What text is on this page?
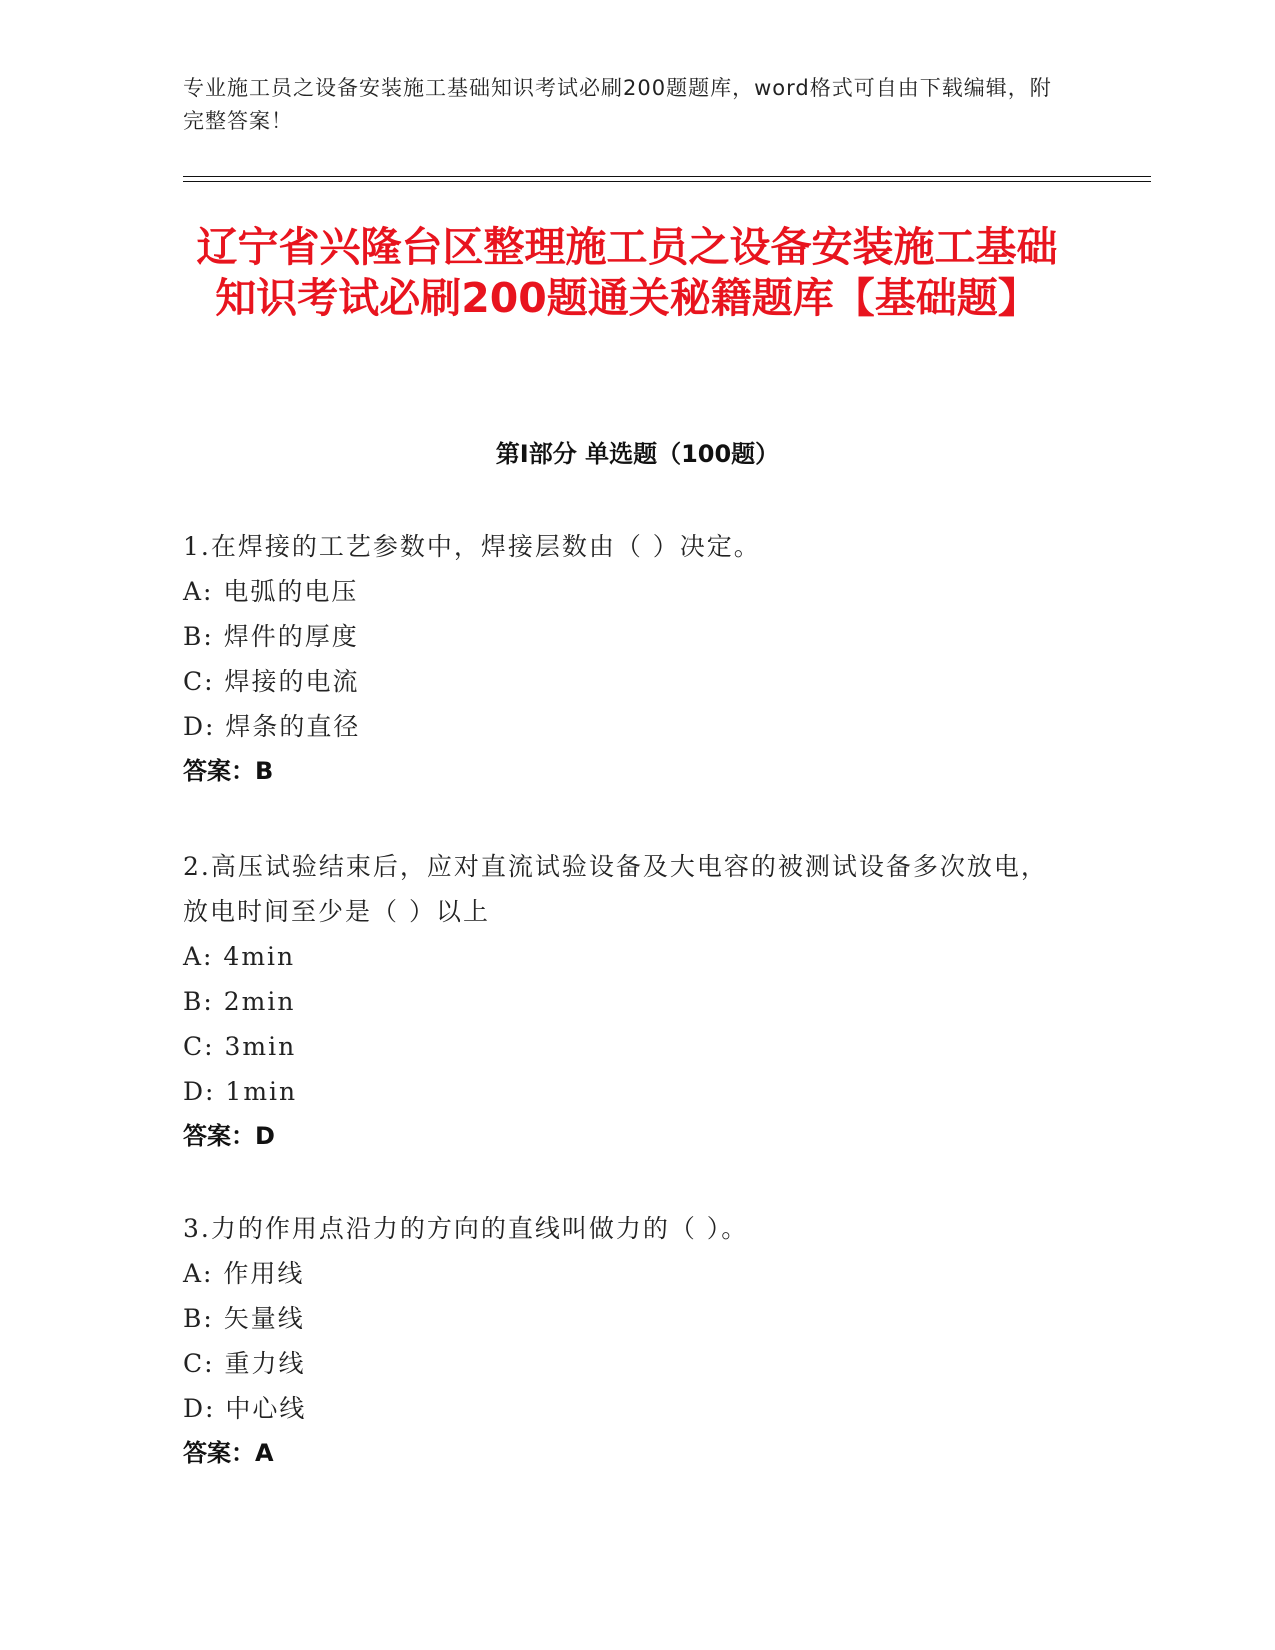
专业施工员之设备安装施工基础知识考试必刷200题题库，word格式可自由下载编辑，附完整答案！
辽宁省兴隆台区整理施工员之设备安装施工基础知识考试必刷200题通关秘籍题库【基础题】
第I部分 单选题（100题）
1.在焊接的工艺参数中，焊接层数由（ ）决定。
A: 电弧的电压
B: 焊件的厚度
C: 焊接的电流
D: 焊条的直径
答案：B
2.高压试验结束后，应对直流试验设备及大电容的被测试设备多次放电，放电时间至少是（ ）以上
A: 4min
B: 2min
C: 3min
D: 1min
答案：D
3.力的作用点沿力的方向的直线叫做力的（ ）。
A: 作用线
B: 矢量线
C: 重力线
D: 中心线
答案：A
